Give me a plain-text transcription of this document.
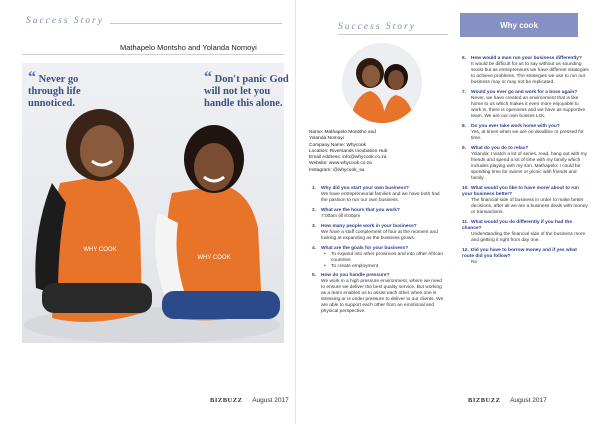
Success Story
Mathapelo Montsho and Yolanda Nomoyi
WHY COOK
WHY COOK
“ Never go through life unnoticed.
“ Don't panic God will not let you handle this alone.
BIZBUZZ August 2017
Success Story	Why cook
Name: Mathapelo Montsho and
Yolanda Nomoyi
Company Name: Whycook
Location: Riversands Incubation Hub
Email Address: info@whycook.co.za
Website: www.whycook.co.za
Instagram: @whycook_sa
1. Why did you start your own business?
We have entrepreneurial families and we have both had the passion to run our own business.
2. What are the hours that you work?
7:00am till 8:00pm
3. How many people work in your business?
We have a staff complement of four at the moment and looking at expanding as the business grows.
4. What are the goals for your business?
• To expand into other provinces and into other African countries
• To create employment
5. How do you handle pressure?
We work in a high pressure environment, where we need to ensure we deliver the best quality service. But working as a team enables us to assist each other when one is stressing or is under pressure to deliver to our clients. We are able to support each other from an emotional and physical perspective.
6. How would a man run your business differently?
It would be difficult for us to say without us sounding sexist but as entrepreneurs we have different strategies to achieve problems. The strategies we use to run our business may or may not be replicated.
7. Would you ever go and work for a boss again?
Never, we have created an environment that is like home to us which makes it even more enjoyable to work in, there is openness and we have as supportive team. We are our own bosses LOL
8. Do you ever take work home with you?
Yes, at times when we are on deadline or pressed for time.
9. What do you do to relax?
Yolanda: I watch a lot of series, read, hang out with my friends and spend a lot of time with my family which includes playing with my son. Mathapelo: I could be spending time for swims or picnic with friends and family.
10. What would you like to have more/ about to run your business better?
The financial side of business in order to make better decisions, after all we are a business deals with money or transactions.
11. What would you do differently if you had the chance?
Understanding the financial side of the business more and getting it right from day one.
12. Did you have to borrow money and if yes what route did you follow?
No
BIZBUZZ August 2017
